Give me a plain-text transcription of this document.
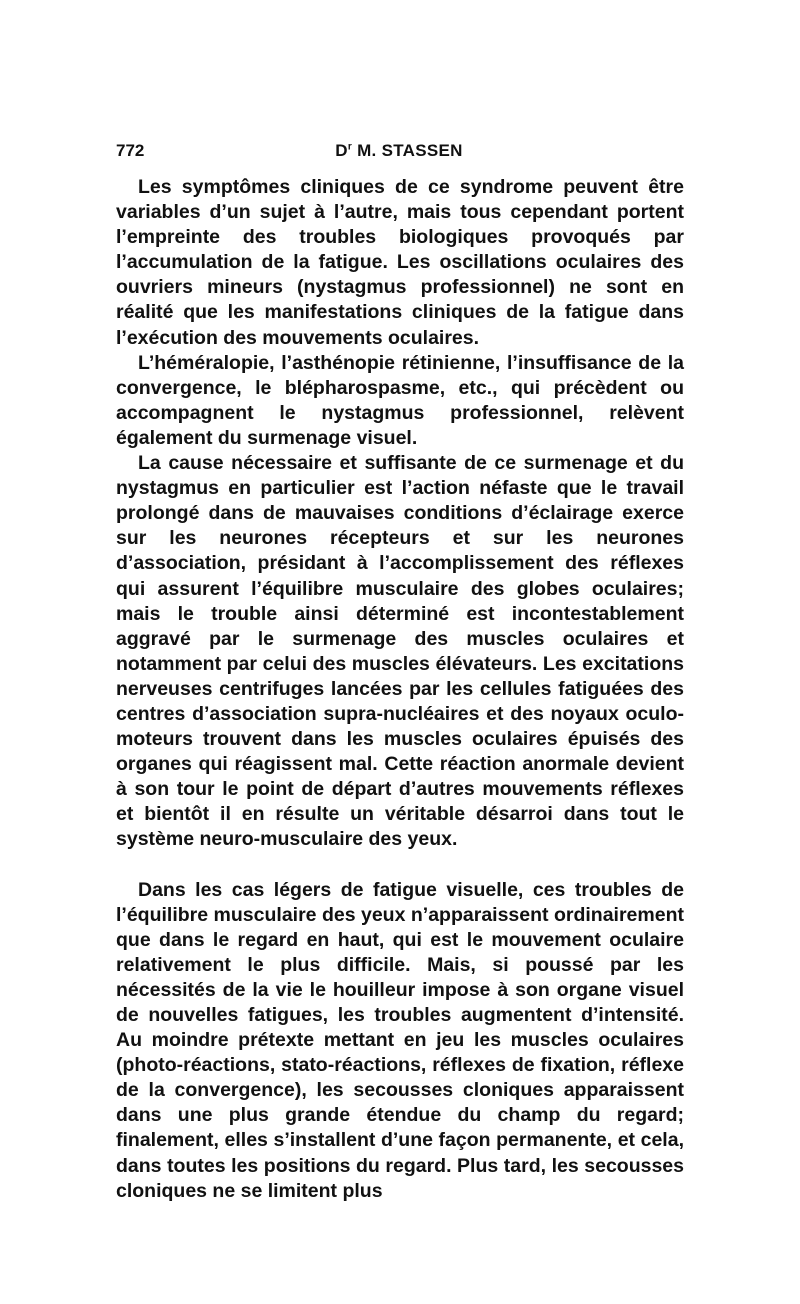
772	$D^r$ M. STASSEN

Les symptômes cliniques de ce syndrome peuvent être variables d’un sujet à l’autre, mais tous cependant portent l’empreinte des troubles biologiques provoqués par l’accumulation de la fatigue. Les oscillations oculaires des ouvriers mineurs (nystagmus professionnel) ne sont en réalité que les manifestations cliniques de la fatigue dans l’exécution des mouvements oculaires.

L’héméralopie, l’asthénopie rétinienne, l’insuffisance de la convergence, le blépharospasme, etc., qui précèdent ou accompagnent le nystagmus professionnel, relèvent également du surmenage visuel.

La cause nécessaire et suffisante de ce surmenage et du nystagmus en particulier est l’action néfaste que le travail prolongé dans de mauvaises conditions d’éclairage exerce sur les neurones récepteurs et sur les neurones d’association, présidant à l’accomplissement des réflexes qui assurent l’équilibre musculaire des globes oculaires; mais le trouble ainsi déterminé est incontestablement aggravé par le surmenage des muscles oculaires et notamment par celui des muscles élévateurs. Les excitations nerveuses centrifuges lancées par les cellules fatiguées des centres d’association supra-nucléaires et des noyaux oculo-moteurs trouvent dans les muscles oculaires épuisés des organes qui réagissent mal. Cette réaction anormale devient à son tour le point de départ d’autres mouvements réflexes et bientôt il en résulte un véritable désarroi dans tout le système neuro-musculaire des yeux.

Dans les cas légers de fatigue visuelle, ces troubles de l’équilibre musculaire des yeux n’apparaissent ordinairement que dans le regard en haut, qui est le mouvement oculaire relativement le plus difficile. Mais, si poussé par les nécessités de la vie le houilleur impose à son organe visuel de nouvelles fatigues, les troubles augmentent d’intensité. Au moindre prétexte mettant en jeu les muscles oculaires (photo-réactions, stato-réactions, réflexes de fixation, réflexe de la convergence), les secousses cloniques apparaissent dans une plus grande étendue du champ du regard; finalement, elles s’installent d’une façon permanente, et cela, dans toutes les positions du regard. Plus tard, les secousses cloniques ne se limitent plus
